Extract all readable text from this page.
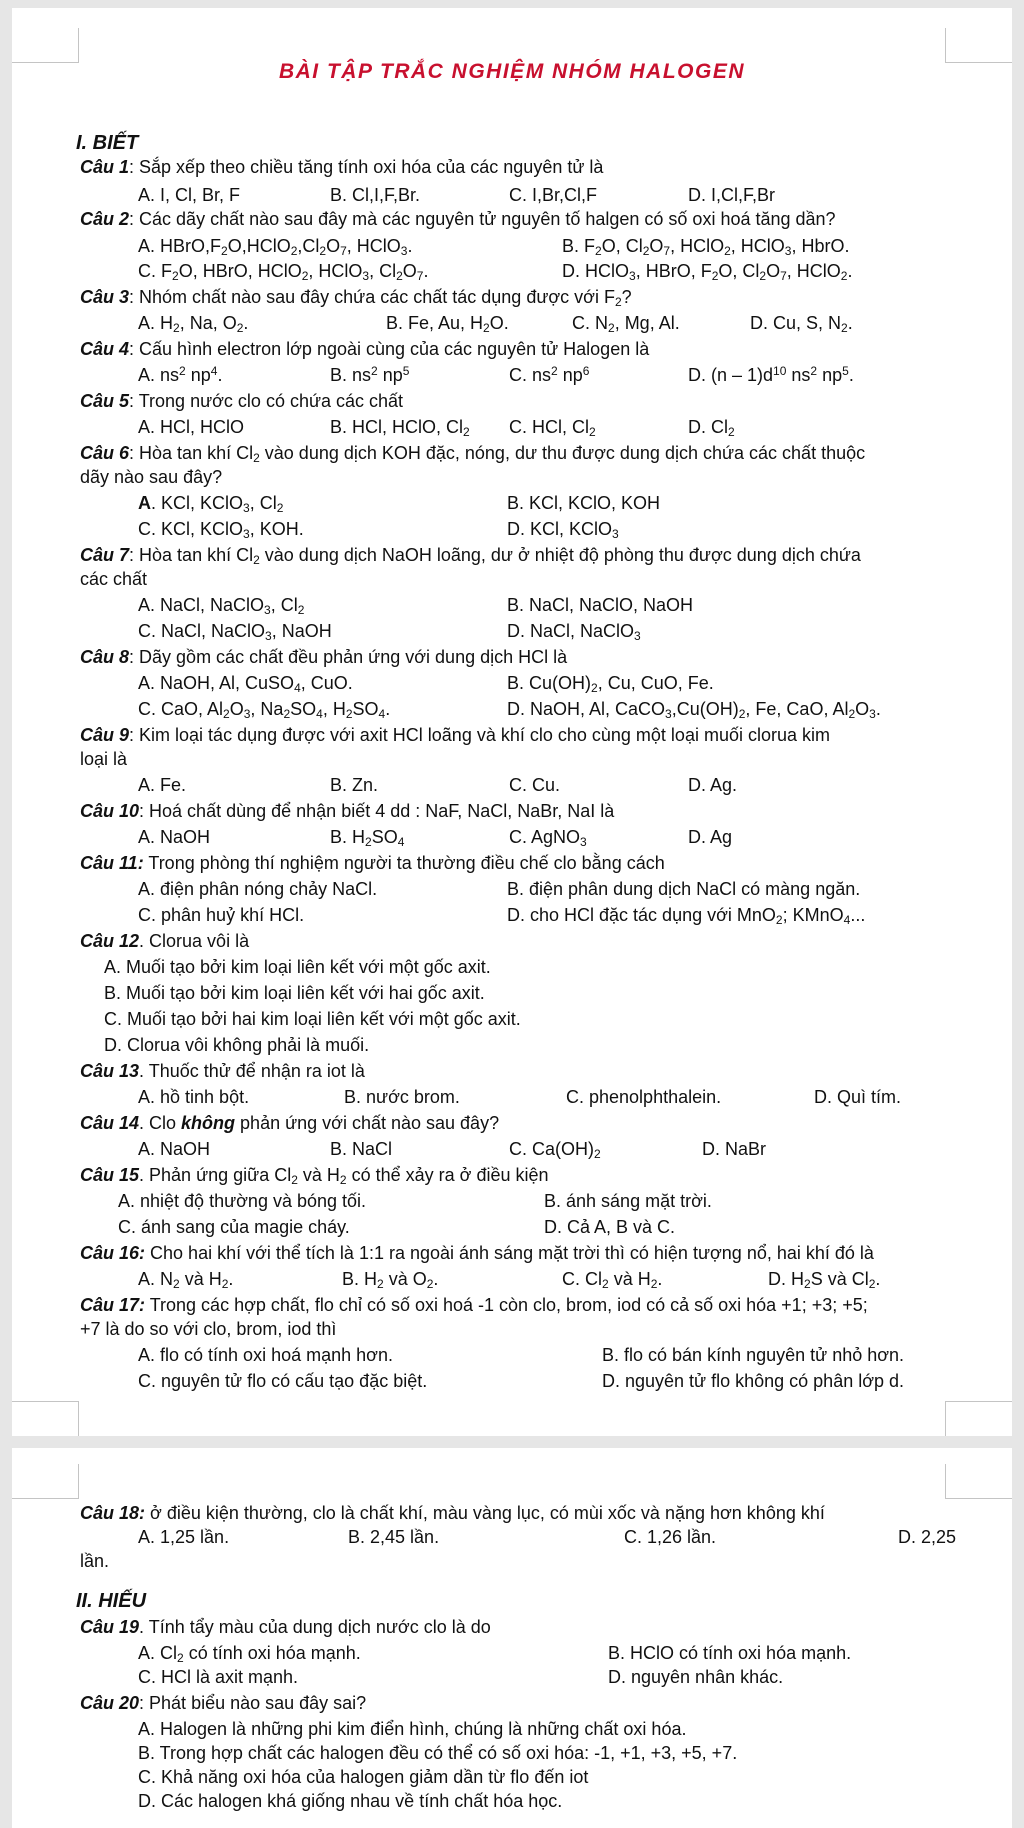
BÀI TẬP TRẮC NGHIỆM NHÓM HALOGEN
I. BIẾT
Câu 1: Sắp xếp theo chiều tăng tính oxi hóa của các nguyên tử là
A. I, Cl, Br, F	B. Cl,I,F,Br.	C. I,Br,Cl,F	D. I,Cl,F,Br
Câu 2: Các dãy chất nào sau đây mà các nguyên tử nguyên tố halgen có số oxi hoá tăng dần?
A. $HBrO,F_2O,HClO_2,Cl_2O_7$, HClO$_3$.	B. $F_2O$, $Cl_2O_7$, HClO$_2$, HClO$_3$, HbrO.
C. $F_2O$, HBrO, HClO$_2$, HClO$_3$, $Cl_2O_7$.	D. HClO$_3$, HBrO, $F_2O$, $Cl_2O_7$, HClO$_2$.
Câu 3: Nhóm chất nào sau đây chứa các chất tác dụng được với $F_2$?
A. $H_2$, Na, $O_2$.	B. Fe, Au, $H_2O$.	C. $N_2$, Mg, Al.	D. Cu, S, $N_2$.
Câu 4: Cấu hình electron lớp ngoài cùng của các nguyên tử Halogen là
A. $ns^2$ $np^4$.	B. $ns^2$ $np^5$	C. $ns^2$ $np^6$	D. $(n - 1)d^{10}$ $ns^2$ $np^5$.
Câu 5: Trong nước clo có chứa các chất
A. HCl, HClO	B. HCl, HClO, $Cl_2$ C. HCl, $Cl_2$	D. $Cl_2$
Câu 6: Hòa tan khí $Cl_2$ vào dung dịch KOH đặc, nóng, dư thu được dung dịch chứa các chất thuộc
dãy nào sau đây?
A. KCl, KClO$_3$, $Cl_2$	B. KCl, KClO, KOH
C. KCl, KClO$_3$, KOH.	D. KCl, KClO$_3$
Câu 7: Hòa tan khí $Cl_2$ vào dung dịch NaOH loãng, dư ở nhiệt độ phòng thu được dung dịch chứa
các chất
A. NaCl, NaClO$_3$, $Cl_2$	B. NaCl, NaClO, NaOH
C. NaCl, NaClO$_3$, NaOH	D. NaCl, NaClO$_3$
Câu 8: Dãy gồm các chất đều phản ứng với dung dịch HCl là
A. NaOH, Al, CuSO$_4$, CuO.	B. $Cu(OH)_2$, Cu, CuO, Fe.
C. CaO, $Al_2O_3$, $Na_2SO_4$, $H_2SO_4$.	D. NaOH, Al, $CaCO_3,Cu(OH)_2$, Fe, CaO, $Al_2O_3$.
Câu 9: Kim loại tác dụng được với axit HCl loãng và khí clo cho cùng một loại muối clorua kim
loại là
A. Fe.	B. Zn.	C. Cu.	D. Ag.
Câu 10: Hoá chất dùng để nhận biết 4 dd : NaF, NaCl, NaBr, NaI là
A. NaOH	B. $H_2SO_4$	C. AgNO$_3$	D. Ag
Câu 11: Trong phòng thí nghiệm người ta thường điều chế clo bằng cách
A. điện phân nóng chảy NaCl.	B. điện phân dung dịch NaCl có màng ngăn.
C. phân huỷ khí HCl.	D. cho HCl đặc tác dụng với MnO$_2$; KMnO$_4$...
Câu 12. Clorua vôi là
A. Muối tạo bởi kim loại liên kết với một gốc axit.
B. Muối tạo bởi kim loại liên kết với hai gốc axit.
C. Muối tạo bởi hai kim loại liên kết với một gốc axit.
D. Clorua vôi không phải là muối.
Câu 13. Thuốc thử để nhận ra iot là
A. hồ tinh bột.	B. nước brom.	C. phenolphthalein.	D. Quì tím.
Câu 14. Clo không phản ứng với chất nào sau đây?
A. NaOH	B. NaCl	C. $Ca(OH)_2$	D. NaBr
Câu 15. Phản ứng giữa $Cl_2$ và $H_2$ có thể xảy ra ở điều kiện
A. nhiệt độ thường và bóng tối.	B. ánh sáng mặt trời.
C. ánh sang của magie cháy.	D. Cả A, B và C.
Câu 16: Cho hai khí với thể tích là 1:1 ra ngoài ánh sáng mặt trời thì có hiện tượng nổ, hai khí đó là
A. $N_2$ và $H_2$.	B. $H_2$ và $O_2$.	C. $Cl_2$ và $H_2$.	D. $H_2S$ và $Cl_2$.
Câu 17: Trong các hợp chất, flo chỉ có số oxi hoá -1 còn clo, brom, iod có cả số oxi hóa +1; +3; +5;
+7 là do so với clo, brom, iod thì
A. flo có tính oxi hoá mạnh hơn.	B. flo có bán kính nguyên tử nhỏ hơn.
C. nguyên tử flo có cấu tạo đặc biệt.	D. nguyên tử flo không có phân lớp d.
Câu 18: ở điều kiện thường, clo là chất khí, màu vàng lục, có mùi xốc và nặng hơn không khí
A. 1,25 lần.	B. 2,45 lần.	C. 1,26 lần.	D. 2,25
lần.
II. HIẾU
Câu 19. Tính tẩy màu của dung dịch nước clo là do
A. $Cl_2$ có tính oxi hóa mạnh.	B. HClO có tính oxi hóa mạnh.
C. HCl là axit mạnh.	D. nguyên nhân khác.
Câu 20: Phát biểu nào sau đây sai?
A. Halogen là những phi kim điển hình, chúng là những chất oxi hóa.
B. Trong hợp chất các halogen đều có thể có số oxi hóa: -1, +1, +3, +5, +7.
C. Khả năng oxi hóa của halogen giảm dần từ flo đến iot
D. Các halogen khá giống nhau về tính chất hóa học.
